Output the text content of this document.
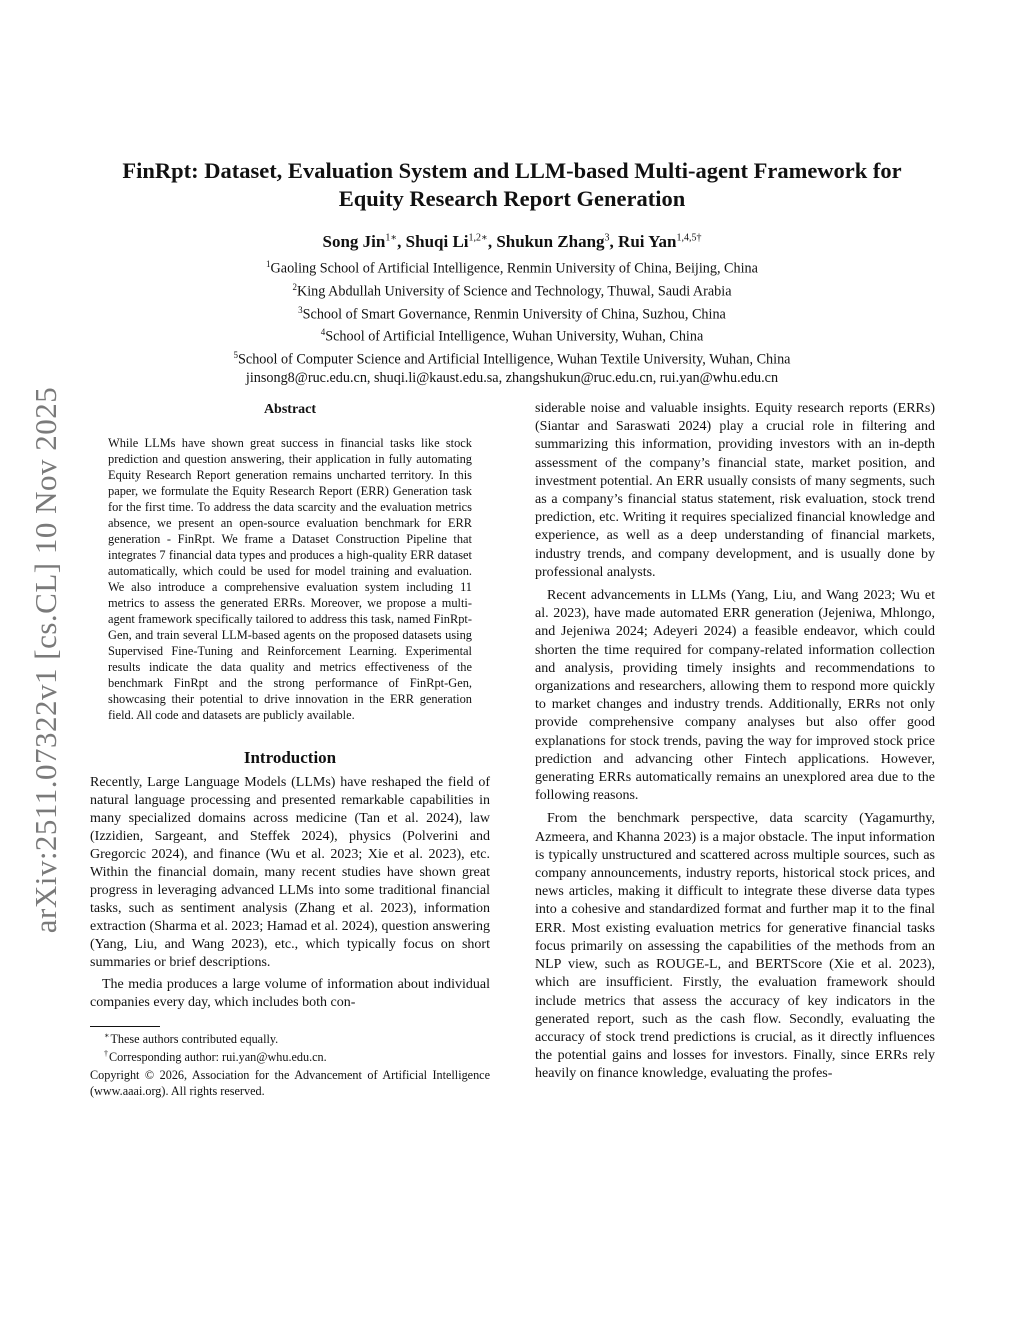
arXiv:2511.07322v1 [cs.CL] 10 Nov 2025
FinRpt: Dataset, Evaluation System and LLM-based Multi-agent Framework for
Equity Research Report Generation
Song Jin$^{1∗}$, Shuqi $Li^{1,2∗}$, Shukun Zhang$^3$, Rui Yan$^{1,4,5\dagger}$
$^1$Gaoling School of Artificial Intelligence, Renmin University of China, Beijing, China
$^2$King Abdullah University of Science and Technology, Thuwal, Saudi Arabia
$^3$School of Smart Governance, Renmin University of China, Suzhou, China
$^4$School of Artificial Intelligence, Wuhan University, Wuhan, China
$^5$School of Computer Science and Artificial Intelligence, Wuhan Textile University, Wuhan, China
jinsong8@ruc.edu.cn, shuqi.li@kaust.edu.sa, zhangshukun@ruc.edu.cn, rui.yan@whu.edu.cn
Abstract
While LLMs have shown great success in financial tasks like stock prediction and question answering, their application in fully automating Equity Research Report generation remains uncharted territory. In this paper, we formulate the Equity Research Report (ERR) Generation task for the first time. To address the data scarcity and the evaluation metrics absence, we present an open-source evaluation benchmark for ERR generation - FinRpt. We frame a Dataset Construction Pipeline that integrates 7 financial data types and produces a high-quality ERR dataset automatically, which could be used for model training and evaluation. We also introduce a comprehensive evaluation system including 11 metrics to assess the generated ERRs. Moreover, we propose a multi-agent framework specifically tailored to address this task, named FinRpt-Gen, and train several LLM-based agents on the proposed datasets using Supervised Fine-Tuning and Reinforcement Learning. Experimental results indicate the data quality and metrics effectiveness of the benchmark FinRpt and the strong performance of FinRpt-Gen, showcasing their potential to drive innovation in the ERR generation field. All code and datasets are publicly available.
Introduction

Recently, Large Language Models (LLMs) have reshaped the field of natural language processing and presented remarkable capabilities in many specialized domains across medicine (Tan et al. 2024), law (Izzidien, Sargeant, and Steffek 2024), physics (Polverini and Gregorcic 2024), and finance (Wu et al. 2023; Xie et al. 2023), etc. Within the financial domain, many recent studies have shown great progress in leveraging advanced LLMs into some traditional financial tasks, such as sentiment analysis (Zhang et al. 2023), information extraction (Sharma et al. 2023; Hamad et al. 2024), question answering (Yang, Liu, and Wang 2023), etc., which typically focus on short summaries or brief descriptions.

The media produces a large volume of information about individual companies every day, which includes both con-

∗These authors contributed equally.
†Corresponding author: rui.yan@whu.edu.cn.
Copyright © 2026, Association for the Advancement of Artificial Intelligence (www.aaai.org). All rights reserved.

siderable noise and valuable insights. Equity research reports (ERRs) (Siantar and Saraswati 2024) play a crucial role in filtering and summarizing this information, providing investors with an in-depth assessment of the company’s financial state, market position, and investment potential. An ERR usually consists of many segments, such as a company’s financial status statement, risk evaluation, stock trend prediction, etc. Writing it requires specialized financial knowledge and experience, as well as a deep understanding of financial markets, industry trends, and company development, and is usually done by professional analysts.

Recent advancements in LLMs (Yang, Liu, and Wang 2023; Wu et al. 2023), have made automated ERR generation (Jejeniwa, Mhlongo, and Jejeniwa 2024; Adeyeri 2024) a feasible endeavor, which could shorten the time required for company-related information collection and analysis, providing timely insights and recommendations to organizations and researchers, allowing them to respond more quickly to market changes and industry trends. Additionally, ERRs not only provide comprehensive company analyses but also offer good explanations for stock trends, paving the way for improved stock price prediction and advancing other Fintech applications. However, generating ERRs automatically remains an unexplored area due to the following reasons.

From the benchmark perspective, data scarcity (Yagamurthy, Azmeera, and Khanna 2023) is a major obstacle. The input information is typically unstructured and scattered across multiple sources, such as company announcements, industry reports, historical stock prices, and news articles, making it difficult to integrate these diverse data types into a cohesive and standardized format and further map it to the final ERR. Most existing evaluation metrics for generative financial tasks focus primarily on assessing the capabilities of the methods from an NLP view, such as ROUGE-L, and BERTScore (Xie et al. 2023), which are insufficient. Firstly, the evaluation framework should include metrics that assess the accuracy of key indicators in the generated report, such as the cash flow. Secondly, evaluating the accuracy of stock trend predictions is crucial, as it directly influences the potential gains and losses for investors. Finally, since ERRs rely heavily on finance knowledge, evaluating the profes-
